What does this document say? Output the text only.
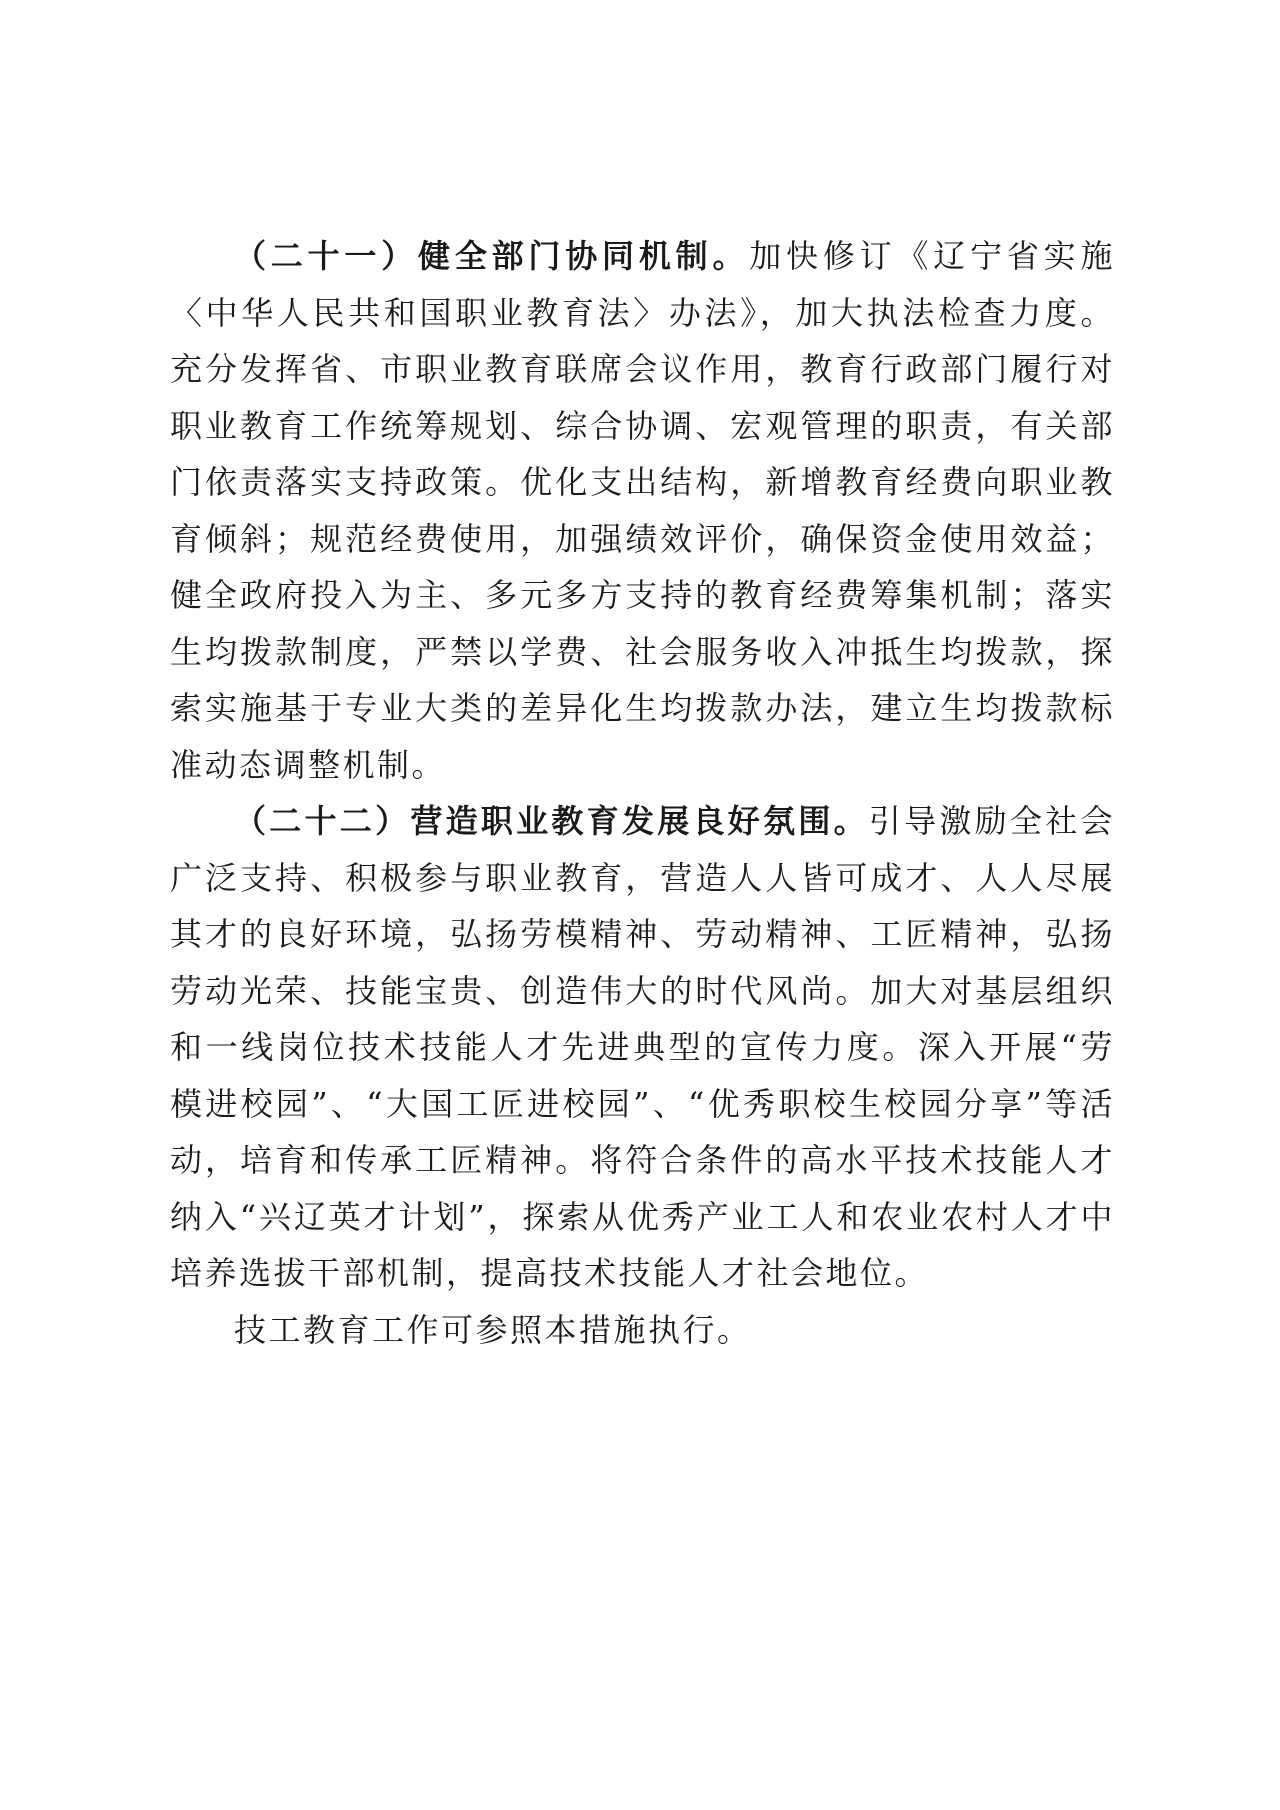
（二十一）健全部门协同机制。加快修订《辽宁省实施〈中华人民共和国职业教育法〉办法》，加大执法检查力度。充分发挥省、市职业教育联席会议作用，教育行政部门履行对职业教育工作统筹规划、综合协调、宏观管理的职责，有关部门依责落实支持政策。优化支出结构，新增教育经费向职业教育倾斜；规范经费使用，加强绩效评价，确保资金使用效益；健全政府投入为主、多元多方支持的教育经费筹集机制；落实生均拨款制度，严禁以学费、社会服务收入冲抵生均拨款，探索实施基于专业大类的差异化生均拨款办法，建立生均拨款标准动态调整机制。

（二十二）营造职业教育发展良好氛围。引导激励全社会广泛支持、积极参与职业教育，营造人人皆可成才、人人尽展其才的良好环境，弘扬劳模精神、劳动精神、工匠精神，弘扬劳动光荣、技能宝贵、创造伟大的时代风尚。加大对基层组织和一线岗位技术技能人才先进典型的宣传力度。深入开展“劳模进校园”、“大国工匠进校园”、“优秀职校生校园分享”等活动，培育和传承工匠精神。将符合条件的高水平技术技能人才纳入“兴辽英才计划”，探索从优秀产业工人和农业农村人才中培养选拔干部机制，提高技术技能人才社会地位。

技工教育工作可参照本措施执行。
